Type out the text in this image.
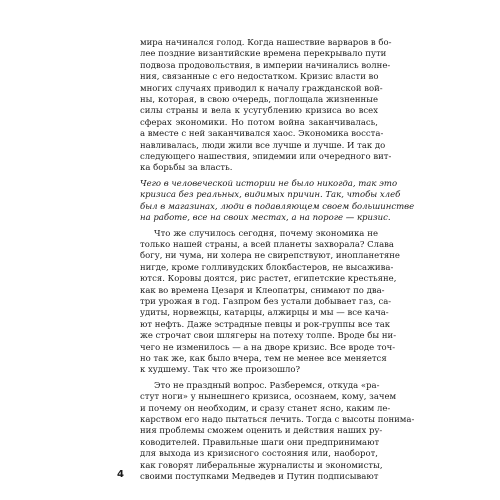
мира начинался голод. Когда нашествие варваров в бо-
лее поздние византийские времена перекрывало пути
подвоза продовольствия, в империи начинались волне-
ния, связанные с его недостатком. Кризис власти во
многих случаях приводил к началу гражданской вой-
ны, которая, в свою очередь, поглощала жизненные
силы страны и вела к усугублению кризиса во всех
сферах экономики. Но потом война заканчивалась,
а вместе с ней заканчивался хаос. Экономика восста-
навливалась, люди жили все лучше и лучше. И так до
следующего нашествия, эпидемии или очередного вит-
ка борьбы за власть.
Чего в человеческой истории не было никогда, так это
кризиса без реальных, видимых причин. Так, чтобы хлеб
был в магазинах, люди в подавляющем своем большинстве
на работе, все на своих местах, а на пороге — кризис.
Что же случилось сегодня, почему экономика не
только нашей страны, а всей планеты захворала? Слава
богу, ни чума, ни холера не свирепствуют, инопланетяне
нигде, кроме голливудских блокбастеров, не высажива-
ются. Коровы доятся, рис растет, египетские крестьяне,
как во времена Цезаря и Клеопатры, снимают по два-
три урожая в год. Газпром без устали добывает газ, са-
удиты, норвежцы, катарцы, алжирцы и мы — все кача-
ют нефть. Даже эстрадные певцы и рок-группы все так
же строчат свои шлягеры на потеху толпе. Вроде бы ни-
чего не изменилось — а на дворе кризис. Все вроде точ-
но так же, как было вчера, тем не менее все меняется
к худшему. Так что же произошло?
Это не праздный вопрос. Разберемся, откуда «ра-
стут ноги» у нынешнего кризиса, осознаем, кому, зачем
и почему он необходим, и сразу станет ясно, каким ле-
карством его надо пытаться лечить. Тогда с высоты понима-
ния проблемы сможем оценить и действия наших ру-
ководителей. Правильные шаги они предпринимают
для выхода из кризисного состояния или, наоборот,
как говорят либеральные журналисты и экономисты,
своими поступками Медведев и Путин подписывают
4
